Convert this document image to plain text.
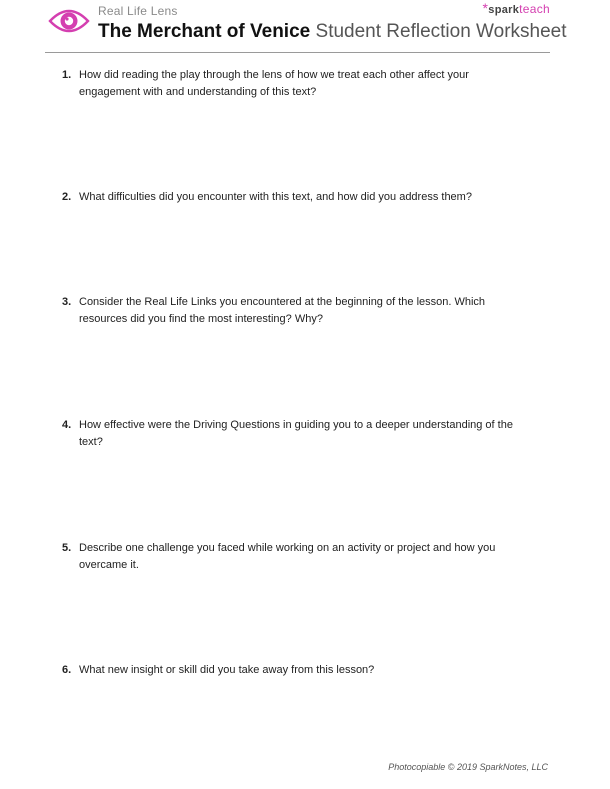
Real Life Lens
The Merchant of Venice Student Reflection Worksheet
*sparkteach
1. How did reading the play through the lens of how we treat each other affect your engagement with and understanding of this text?
2. What difficulties did you encounter with this text, and how did you address them?
3. Consider the Real Life Links you encountered at the beginning of the lesson. Which resources did you find the most interesting? Why?
4. How effective were the Driving Questions in guiding you to a deeper understanding of the text?
5. Describe one challenge you faced while working on an activity or project and how you overcame it.
6. What new insight or skill did you take away from this lesson?
Photocopiable © 2019 SparkNotes, LLC
